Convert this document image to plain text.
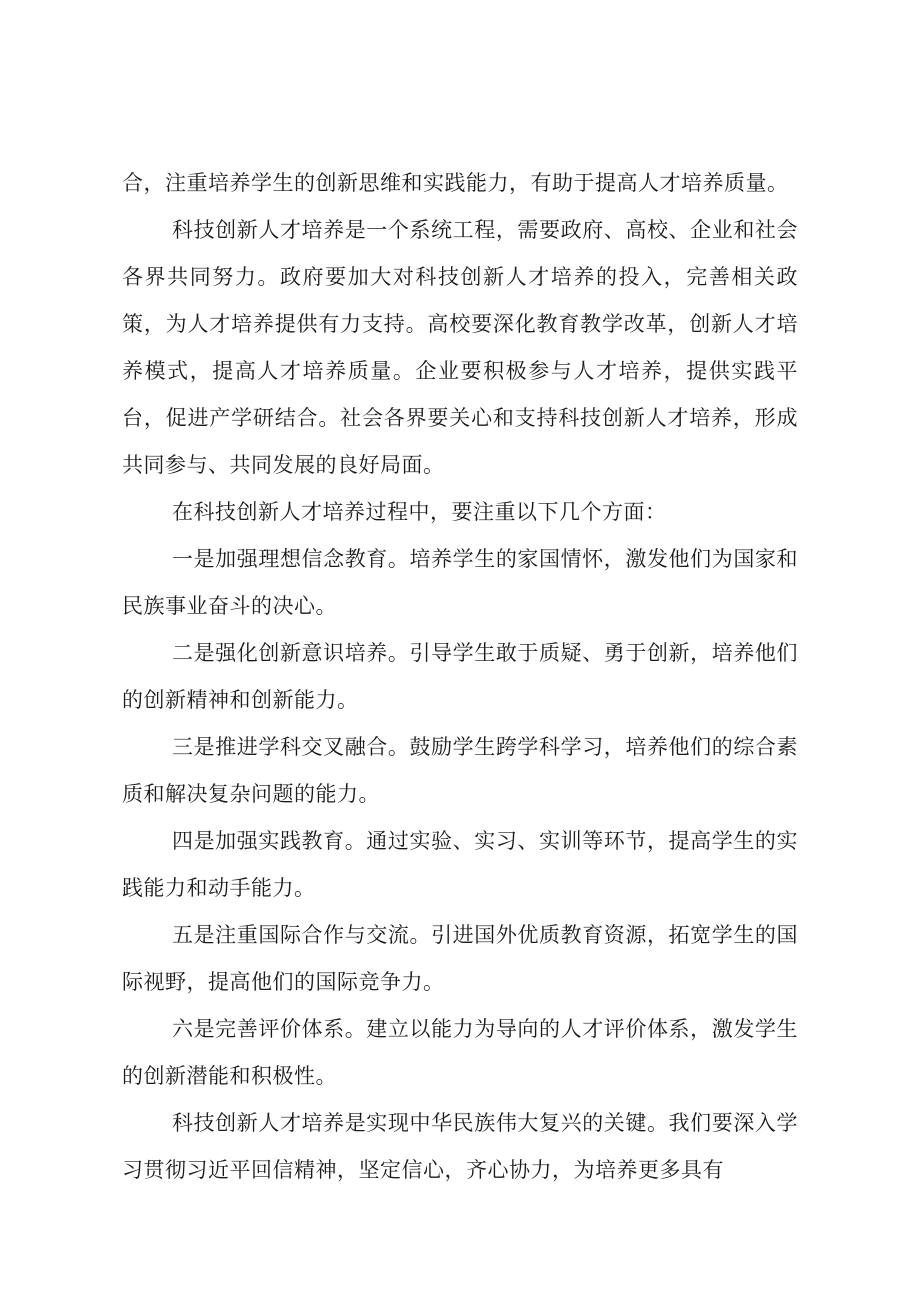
合，注重培养学生的创新思维和实践能力，有助于提高人才培养质量。

科技创新人才培养是一个系统工程，需要政府、高校、企业和社会各界共同努力。政府要加大对科技创新人才培养的投入，完善相关政策，为人才培养提供有力支持。高校要深化教育教学改革，创新人才培养模式，提高人才培养质量。企业要积极参与人才培养，提供实践平台，促进产学研结合。社会各界要关心和支持科技创新人才培养，形成共同参与、共同发展的良好局面。

在科技创新人才培养过程中，要注重以下几个方面：

一是加强理想信念教育。培养学生的家国情怀，激发他们为国家和民族事业奋斗的决心。

二是强化创新意识培养。引导学生敢于质疑、勇于创新，培养他们的创新精神和创新能力。

三是推进学科交叉融合。鼓励学生跨学科学习，培养他们的综合素质和解决复杂问题的能力。

四是加强实践教育。通过实验、实习、实训等环节，提高学生的实践能力和动手能力。

五是注重国际合作与交流。引进国外优质教育资源，拓宽学生的国际视野，提高他们的国际竞争力。

六是完善评价体系。建立以能力为导向的人才评价体系，激发学生的创新潜能和积极性。

科技创新人才培养是实现中华民族伟大复兴的关键。我们要深入学习贯彻习近平回信精神，坚定信心，齐心协力，为培养更多具有
